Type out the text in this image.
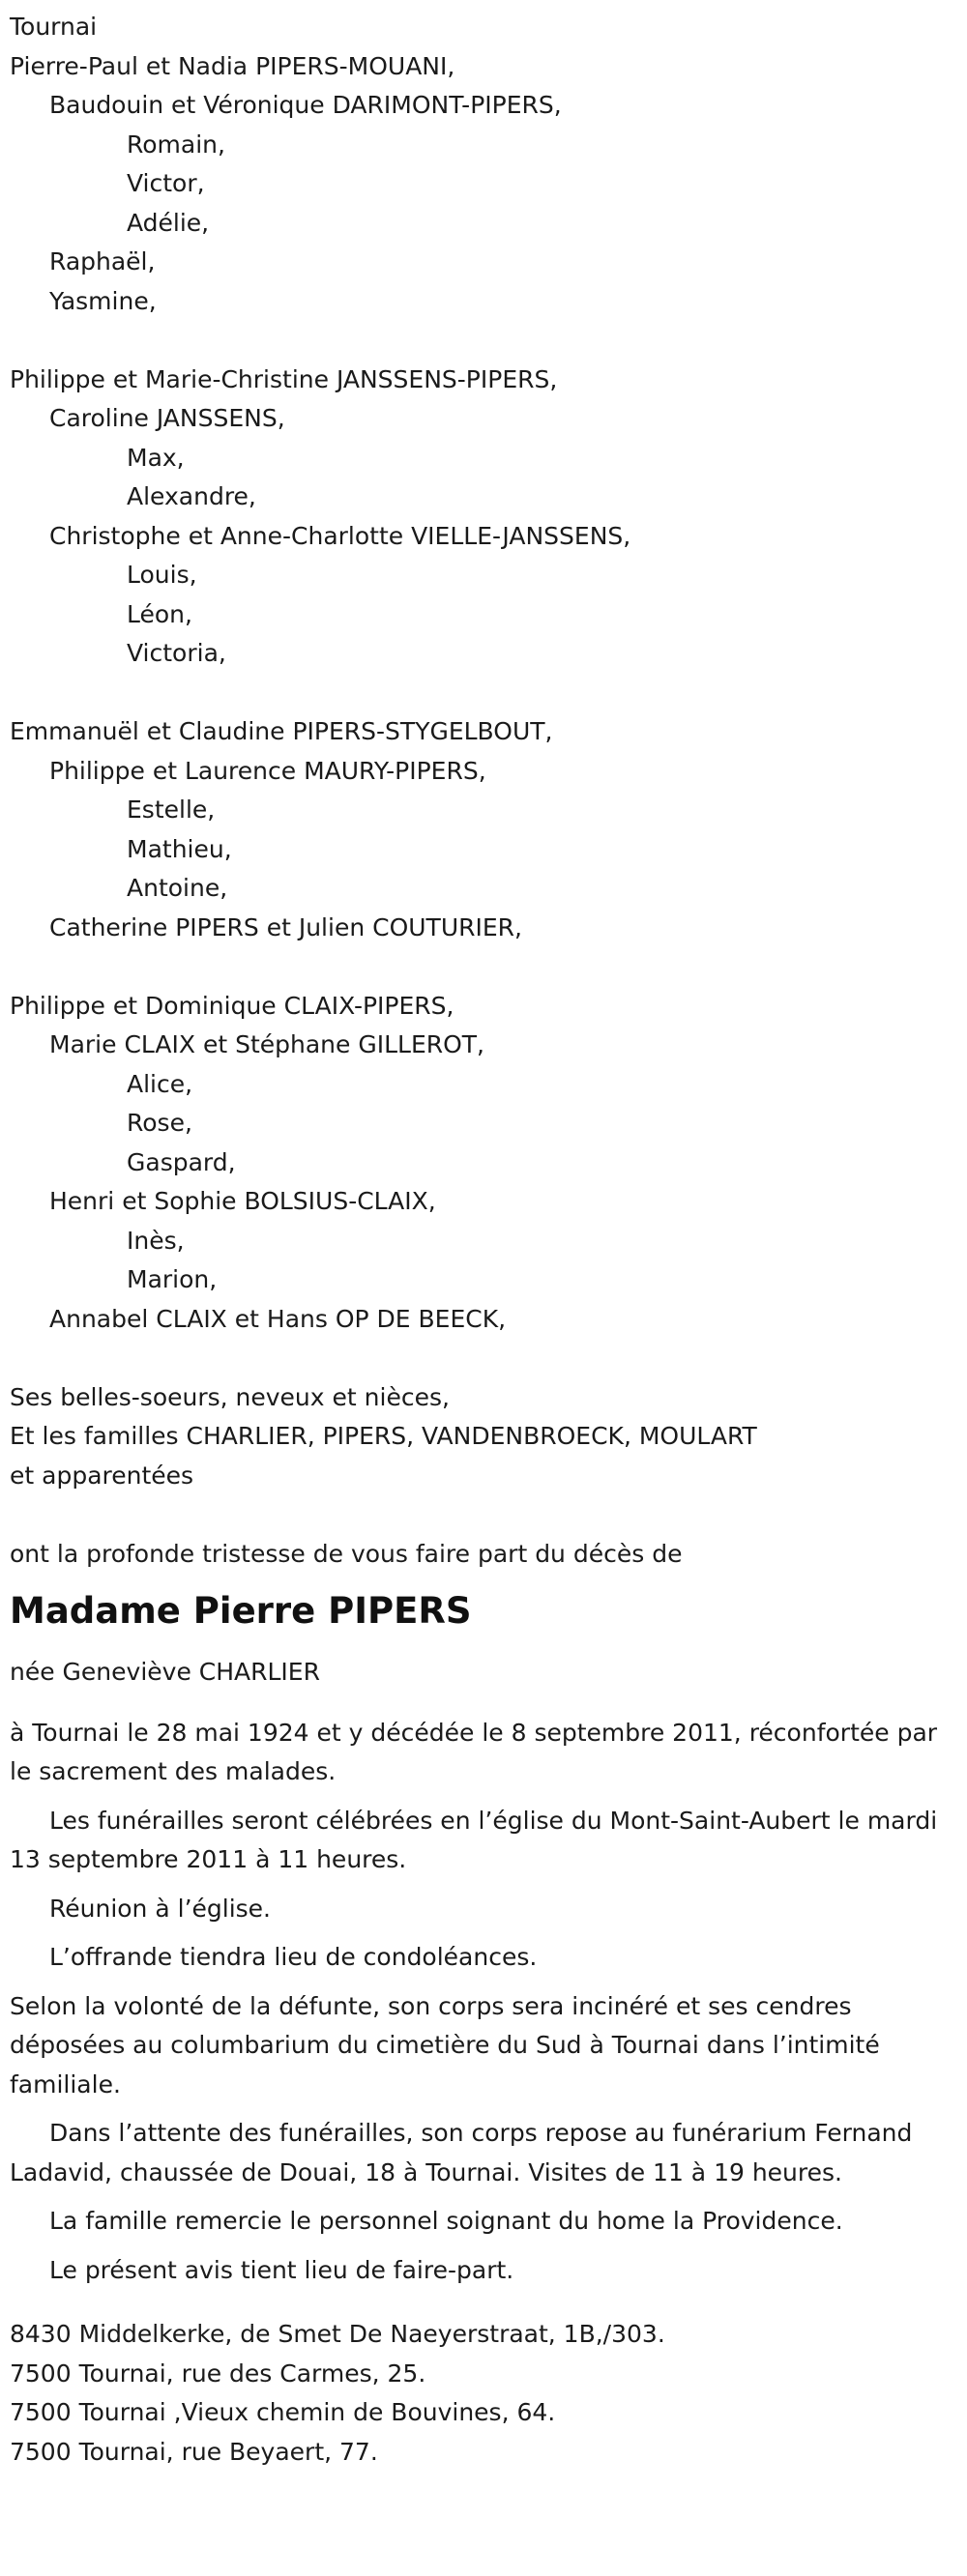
Tournai
Pierre-Paul et Nadia PIPERS-MOUANI,
Baudouin et Véronique DARIMONT-PIPERS,
Romain,
Victor,
Adélie,
Raphaël,
Yasmine,
Philippe et Marie-Christine JANSSENS-PIPERS,
Caroline JANSSENS,
Max,
Alexandre,
Christophe et Anne-Charlotte VIELLE-JANSSENS,
Louis,
Léon,
Victoria,
Emmanuël et Claudine PIPERS-STYGELBOUT,
Philippe et Laurence MAURY-PIPERS,
Estelle,
Mathieu,
Antoine,
Catherine PIPERS et Julien COUTURIER,
Philippe et Dominique CLAIX-PIPERS,
Marie CLAIX et Stéphane GILLEROT,
Alice,
Rose,
Gaspard,
Henri et Sophie BOLSIUS-CLAIX,
Inès,
Marion,
Annabel CLAIX et Hans OP DE BEECK,
Ses belles-soeurs, neveux et nièces,
Et les familles CHARLIER, PIPERS, VANDENBROECK, MOULART
et apparentées
ont la profonde tristesse de vous faire part du décès de
Madame Pierre PIPERS
née Geneviève CHARLIER
à Tournai le 28 mai 1924 et y décédée le 8 septembre 2011, réconfortée par le sacrement des malades.
Les funérailles seront célébrées en l’église du Mont-Saint-Aubert le mardi 13 septembre 2011 à 11 heures.
Réunion à l’église.
L’offrande tiendra lieu de condoléances.
Selon la volonté de la défunte, son corps sera incinéré et ses cendres déposées au columbarium du cimetière du Sud à Tournai dans l’intimité familiale.
Dans l’attente des funérailles, son corps repose au funérarium Fernand Ladavid, chaussée de Douai, 18 à Tournai. Visites de 11 à 19 heures.
La famille remercie le personnel soignant du home la Providence.
Le présent avis tient lieu de faire-part.
8430 Middelkerke, de Smet De Naeyerstraat, 1B,/303.
7500 Tournai, rue des Carmes, 25.
7500 Tournai ,Vieux chemin de Bouvines, 64.
7500 Tournai, rue Beyaert, 77.
